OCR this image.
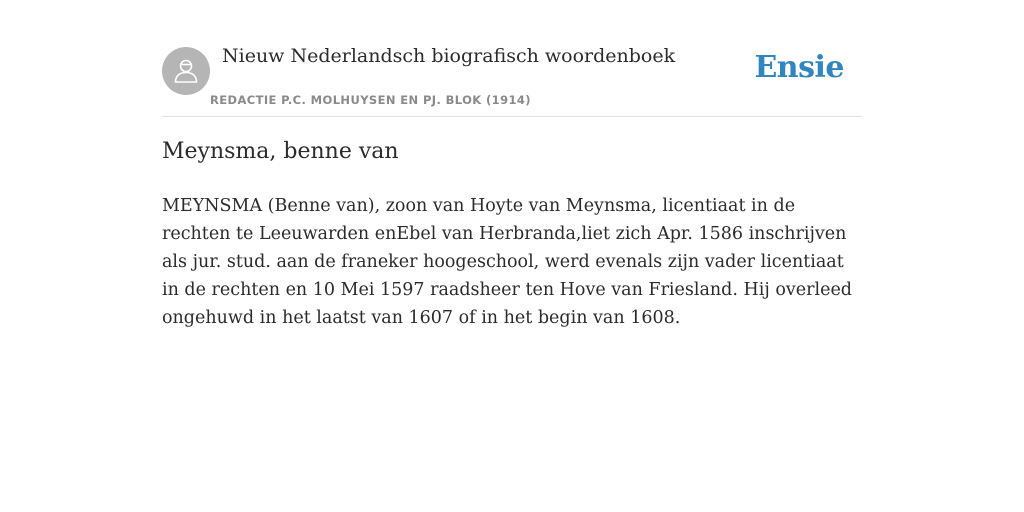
Nieuw Nederlandsch biografisch woordenboek
REDACTIE P.C. MOLHUYSEN EN PJ. BLOK (1914)
Ensie
Meynsma, benne van

MEYNSMA (Benne van), zoon van Hoyte van Meynsma, licentiaat in de rechten te Leeuwarden enEbel van Herbranda,liet zich Apr. 1586 inschrijven als jur. stud. aan de franeker hoogeschool, werd evenals zijn vader licentiaat in de rechten en 10 Mei 1597 raadsheer ten Hove van Friesland. Hij overleed ongehuwd in het laatst van 1607 of in het begin van 1608.
